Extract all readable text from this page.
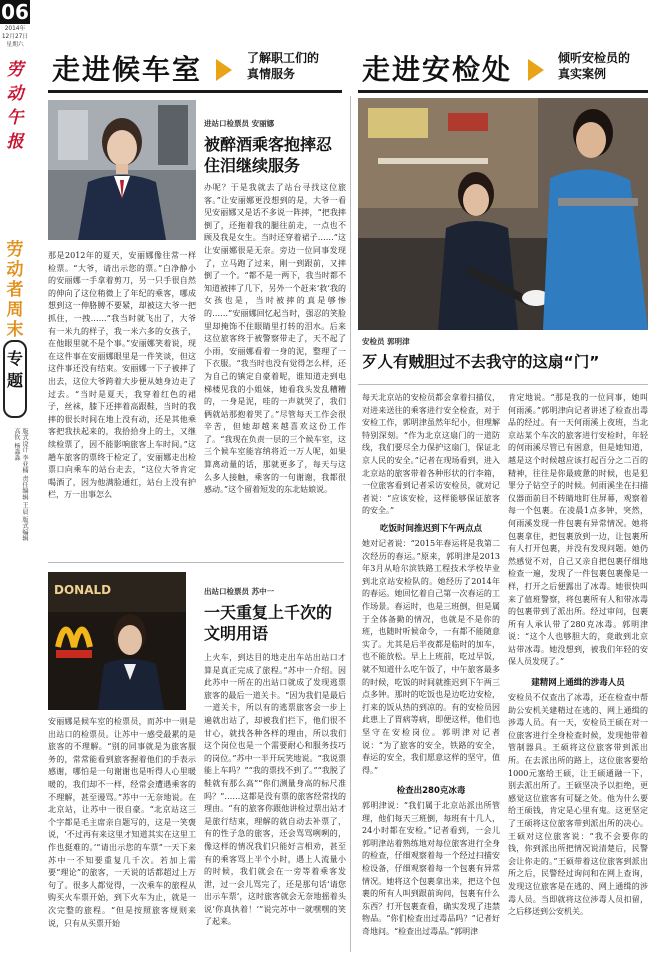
06
2014年
12月27日
星期六
劳动午报
劳动者周末
专题
版式设计 李亚楠 责任编辑 王晨 版式编辑 高钦 杨淼淼
走进候车室	了解职工们的
真情服务 走进安检处	倾听安检员的
真实案例
进站口检票员 安丽娜
被醉酒乘客抱摔忍住泪继续服务
办呢？于是我就去了站台寻找这位旅客。”让安丽娜更没想到的是，大爷一看见安丽娜又是话不多说一阵摔，“把我摔倒了，还拖着我的腿往前走，一点也不顾及我是女生。当时还穿着裙子……”这让安丽娜很是无奈。旁边一位同事发现了，立马跑了过来，刚一到跟前，又摔倒了一个。“都不是一两下，我当时都不知道被摔了几下，另外一个赶来‘救’我的女孩也是，当时被摔的真是够惨的……”安丽娜回忆起当时，强忍的笑脸里却掩饰不住眼睛里打转的泪水。后来这位旅客终于被警察带走了，天不起了小雨，安丽娜看着一身的泥，整理了一下衣服。“我当时也没有觉得怎么样，还为自己的镇定自豪着呢，谁知道走到电梯楼见我的小姐妹，她看我头发乱糟糟的，一身是泥，哇的一声就哭了，我们俩就站那抱着哭了。”尽管每天工作会很辛苦，但她却越来越喜欢这份工作了。“我现在负责一层的三个候车室，这三个候车室能容纳将近一万人呢，如果算离动量的话，那就更多了，每天与这么多人接触，乘客的一句谢谢，我都很感动。”这个留着短发的东北姑娘说。
那是2012年的夏天，安丽娜像往常一样检票。“大爷，请出示您的票。”白净静小的安丽娜一手拿着剪刀，另一只手很自然的伸向了这位稍微上了年纪的乘客，哪成想到这一伸胳膊不要紧，却被这大爷一把抓住，一拽……“我当时就飞出了，大爷有一米九的样子，我一米六多的女孩子，在他眼里就不是个事。”安丽娜笑着说，现在这件事在安丽娜眼里是一件笑谈，但这这件事还没有结束。安丽娜一下子被摔了出去，这位大爷跨着大步便从她身边走了过去。“当时是夏天，我穿着红色的裙子，丝袜，膝下还摔着高跟鞋，当时的我摔的很长时间在地上没有动，还是其他乘客把我扶起来的，我拾拾身上的土，又继续检票了，因不能影响旅客上车时间。”这趟车旅客的票终于检定了，安丽娜走出检票口向乘车的站台走去，“这位大爷肯定喝酒了，因为他满脸通红，站台上没有护栏，万一出事怎么
DONALD	出站口检票员 苏中一
一天重复上千次的文明用语
上火车，到达目的地走出车站出站口才算是真正完成了旅程。”苏中一介绍。因此苏中一所在的出站口就成了发现逃票旅客的最后一道关卡。“因为我们是最后一道关卡，所以有的逃票旅客会一步上遍就出站了，却被我们拦下，他们很不甘心，就找各种各样的理由，所以我们这个岗位也是一个需要耐心和服务技巧的岗位。”苏中一半开玩笑地说。“我说票能上车吗？”“我的票找不到了。”“我脱了鞋就有那么高”“你们测量身高的标尺准吗？”……这都是没有票的旅客经常找的理由。“有的旅客你跟他讲检过票出站才是旅行结束，理解的就自动去补票了，有的性子急的旅客，还会骂骂咧咧的，像这样的情况我们只能好言相劝，甚至有的乘客骂上半个小时，遇上人流量小的时候，我们就会在一旁等着乘客发泄，过一会儿骂完了，还是那句话‘请您出示车票’，这时旅客就会无奈地摇着头说‘你真执着！’”说完苏中一就嘿嘿的笑了起来。
安丽娜是候车室的检票员，而苏中一则是出站口的检票员。让苏中一感受最累的是旅客的不理解。“别的同事就是为旅客服务的，常常能看到旅客握着他们的手表示感谢，哪怕是一句谢谢也是听得人心里暖暖的，我们却不一样，经常会遭遇乘客的不理解，甚至谩骂。”苏中一无奈地说。在北京站，让苏中一很自豪。“北京站这三个字都是毛主席亲自题写的，这是一笑褒说，‘不过再有来这里才知道其实在这里工作也挺难的。’“请出示您的车票”一天下来苏中一不知要重复几千次。若加上需要“理论”的旅客，一天说的话都超过上万句了。很多人都觉得，一次乘车的旅程从购买火车票开始，到下火车为止，就是一次完整的旅程。“但是按照旅客规则来说，只有从买票开始
安检员 郭明津
歹人有贼胆过不去我守的这扇“门”
每天北京站的安检员都会拿着扫描仪，对进来送往的乘客进行安全检查，对于安检工作，郭明津虽然年纪小，但理解特别深刻。“作为北京这扇门的一道防线，我们要尽全力保护这扇门，保证北京人民的安全。”记者在现场看到，进入北京站的旅客带着各种形状的行李箱，一位旅客看到记者采访安检员，就对记者说：“应该安检，这样能够保证旅客的安全。”
吃饭时间推迟到下午两点点
她对记者说：“2015年春运将是我第二次经历的春运。”原来，郭明津是2013年3月从哈尔滨铁路工程技术学校毕业到北京站安检队的。她经历了2014年的春运。她回忆着自己第一次春运的工作场景。春运时，也是三班倒，但是属于全体备勤的情况，也就是不是你的班，也随时听候命令，一有都不能随意实了。尤其是后半夜都是临时的加车，也不能放松。早上上班前，吃过早饭，就不知道什么吃午饭了，中午旅客最多的时候，吃饭的时间就推迟到下午两三点多钟。那时的吃饭也是边吃边安检，打来的饭从热的到凉的。有的安检员因此患上了胃病等病，即便这样，他们也坚守在安检岗位。郭明津对记者说：“为了旅客的安全，铁路的安全，春运的安全，我们愿意这样的坚守，值得。”
检查出280克冰毒
郭明津说：“我们属于北京站派出所管理，他们每天三班倒，每班有十几人，24小时都在安检。”记者看到，一会儿郭明津站着熟练地对每位旅客进行全身的检查，仔细观察着每一个经过扫描安检设备，仔细观察着每一个包裹有异常情况。她将这个包裹拿出来，把这个包裹的所有人叫到跟前询问，包裹有什么东西？打开包裹查看，确实发现了违禁物品。“你们检查出过毒品吗？”记者好奇地问。“检查出过毒品。”郭明津
肯定地说。“那是我的一位同事，她叫何雨溪。”郭明津向记者讲述了检查出毒品的经过。有一天何雨溪上夜班，当北京站某个车次的旅客进行安检时，年轻的何雨溪尽管已有困意，但是她知道，越是这个时候越应该打起百分之二百的精神，往往是你最疲惫的时候，也是犯罪分子钻空子的时候。何雨溪坐在扫描仪器面前目不转睛地盯住屏幕，观察着每一个包裹。在凌晨1点多钟，突然，何雨溪发现一件包裹有异常情况。她将包裹拿住，把包裹放到一边，让包裹所有人打开包裹，并没有发现问题。她仍然感觉不对，自己又亲自把包裹仔细地检查一遍，发现了一件包裹包裹像是一样，打开之后便露出了冰毒。她很快叫来了值班警察，将包裹所有人和带冰毒的包裹带到了派出所。经过审问，包裹所有人承认带了280克冰毒。郭明津说：“这个人也够胆大的，竟敢到北京站带冰毒。她没想到，被我们年轻的安保人员发现了。”
建精网上通缉的涉毒人员
安检员不仅查出了冰毒，还在检查中帮助公安机关建精过在逃的、网上通缉的涉毒人员。有一天，安检员王硕在对一位旅客进行全身检查时候，发现他带着管制器具。王硕将这位旅客带到派出所。在去派出所的路上，这位旅客要给1000元塞给王硕，让王硕通融一下，别去派出所了。王硕坚决予以拒绝，更感觉这位旅客有可疑之处。他为什么要给王硕钱，肯定是心里有鬼。这更坚定了王硕将这位旅客带到派出所的决心。王硕对这位旅客说：“我不会要你的钱，你到派出所把情况说清楚后，民警会让你走的。”王硕带着这位旅客到派出所之后，民警经过询问和在网上查询，发现这位旅客是在逃的、网上通缉的涉毒人员。当即就将这位涉毒人员扣留，之后移送到公安机关。
